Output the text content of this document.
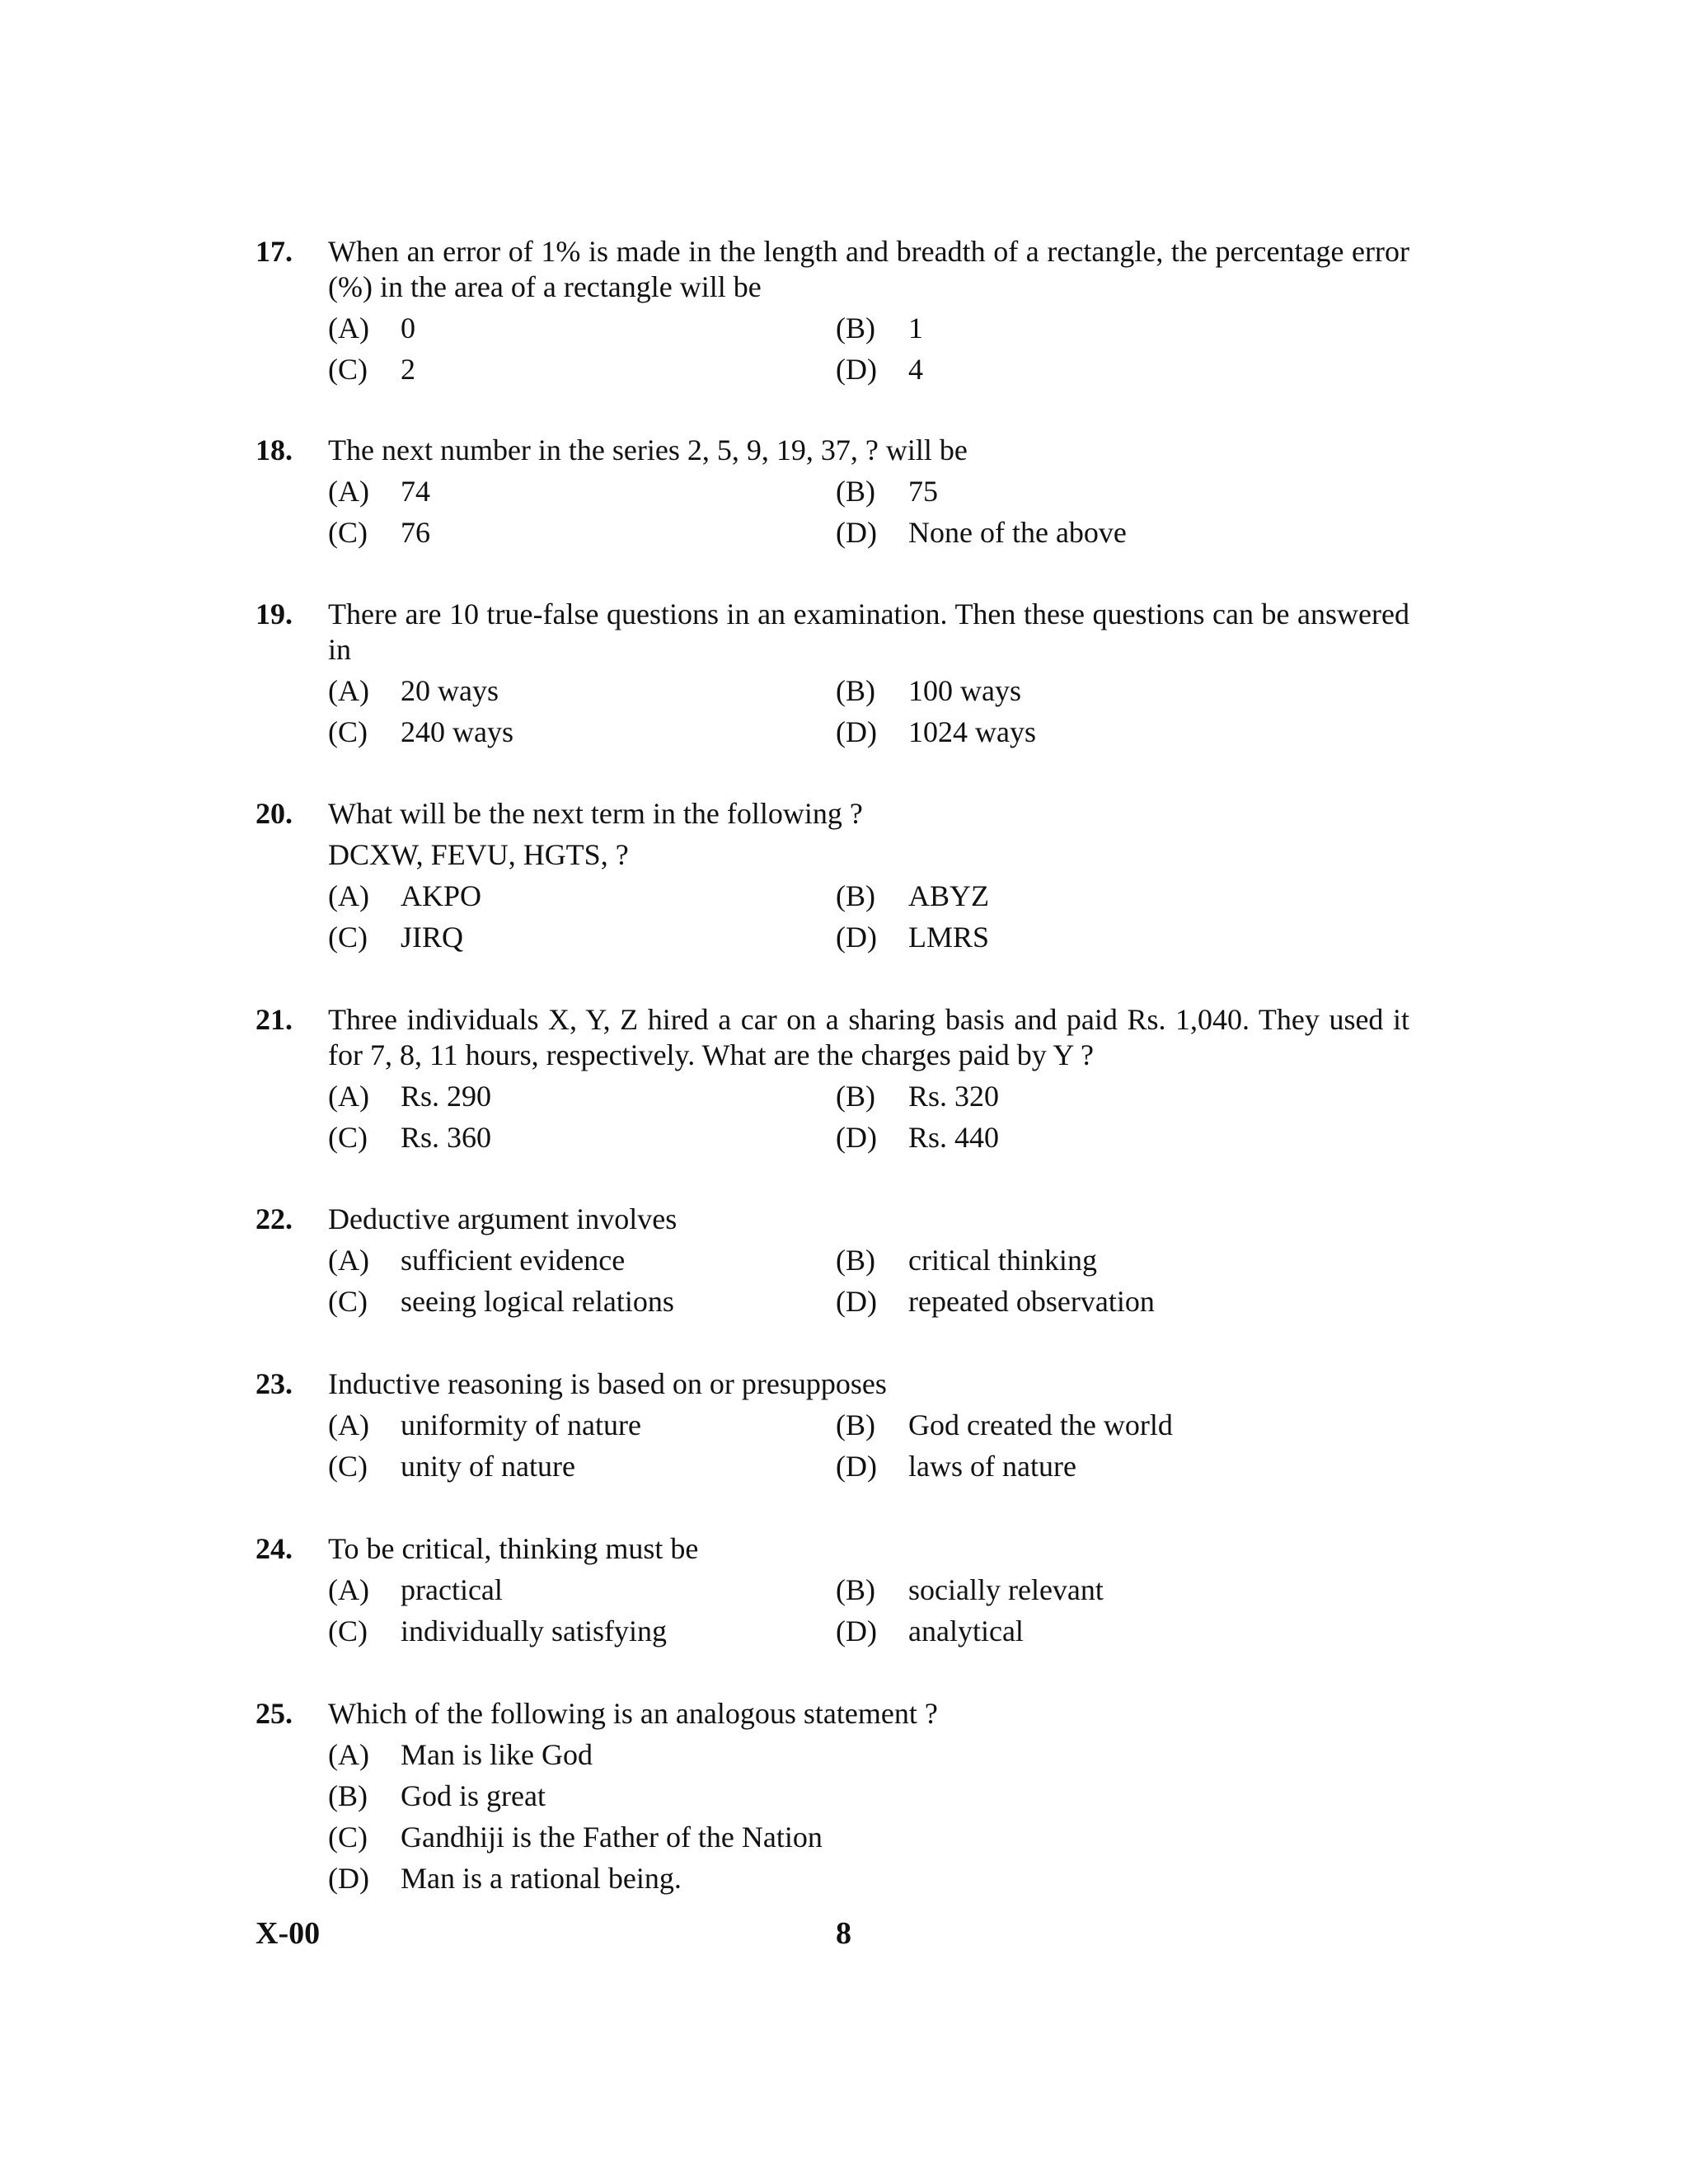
17. When an error of 1% is made in the length and breadth of a rectangle, the percentage error (%) in the area of a rectangle will be
(A)	0	(B)	1
(C)	2	(D)	4
18. The next number in the series 2, 5, 9, 19, 37, ? will be
(A)	74	(B)	75
(C)	76	(D)	None of the above
19. There are 10 true-false questions in an examination. Then these questions can be answered in
(A)	20 ways	(B)	100 ways
(C)	240 ways	(D)	1024 ways
20. What will be the next term in the following ?
DCXW, FEVU, HGTS, ?
(A)	AKPO	(B)	ABYZ
(C)	JIRQ	(D)	LMRS
21. Three individuals X, Y, Z hired a car on a sharing basis and paid Rs. 1,040. They used it for 7, 8, 11 hours, respectively. What are the charges paid by Y ?
(A)	Rs. 290	(B)	Rs. 320
(C)	Rs. 360	(D)	Rs. 440
22. Deductive argument involves
(A)	sufficient evidence	(B)	critical thinking
(C)	seeing logical relations	(D)	repeated observation
23. Inductive reasoning is based on or presupposes
(A)	uniformity of nature	(B)	God created the world
(C)	unity of nature	(D)	laws of nature
24. To be critical, thinking must be
(A)	practical	(B)	socially relevant
(C)	individually satisfying	(D)	analytical
25. Which of the following is an analogous statement ?
(A)	Man is like God
(B)	God is great
(C)	Gandhiji is the Father of the Nation
(D)	Man is a rational being.
X-00	8
